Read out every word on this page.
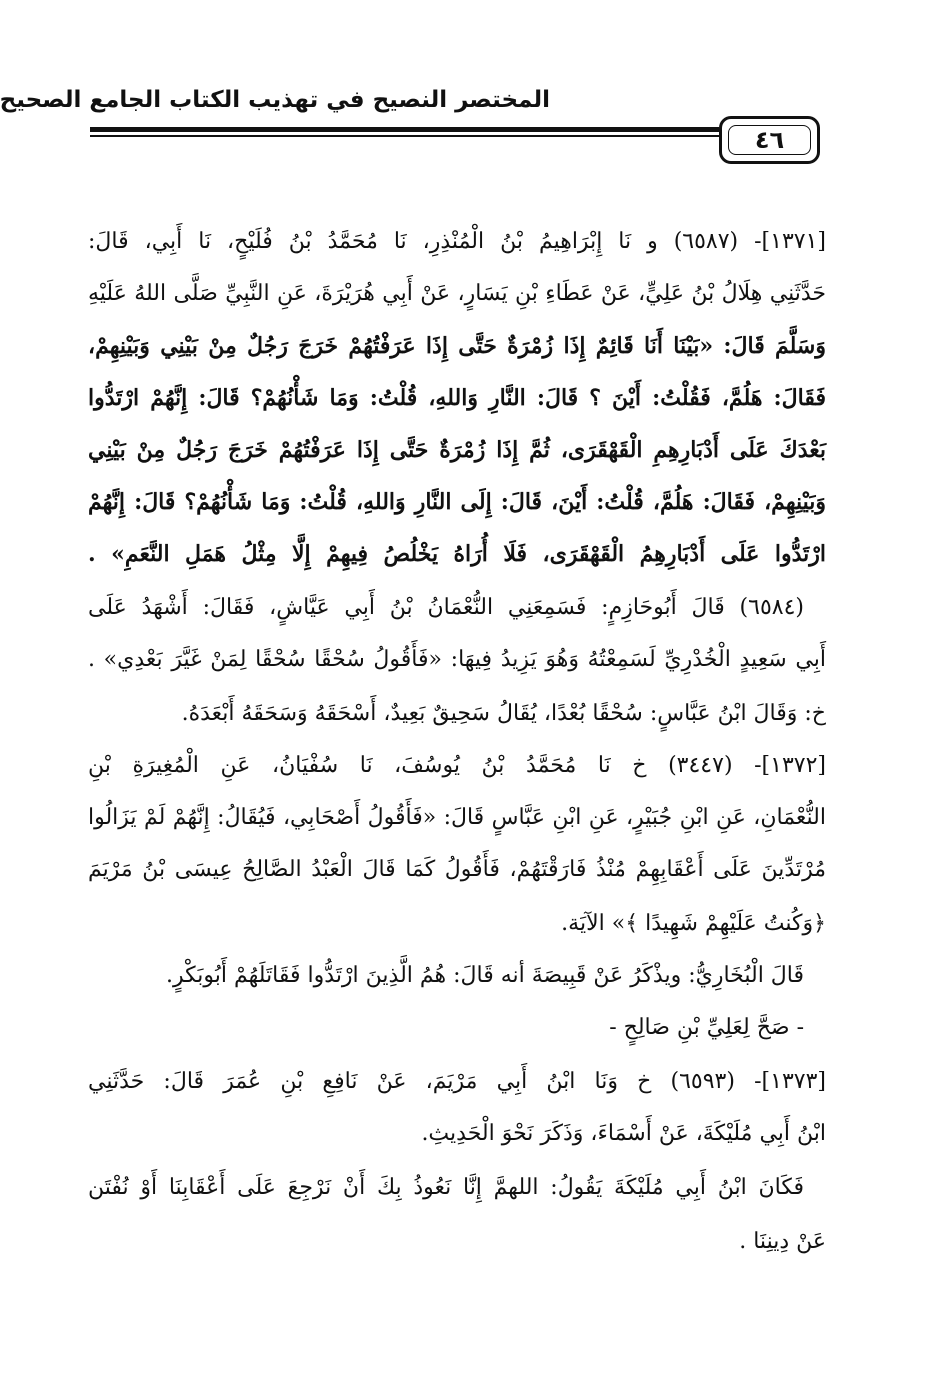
المختصر النصيح في تهذيب الكتاب الجامع الصحيح
٤٦
[١٣٧١]- (٦٥٨٧) و نَا إِبْرَاهِيمُ بْنُ الْمُنْذِرِ، نَا مُحَمَّدُ بْنُ فُلَيْحٍ، نَا أَبِي، قَالَ:
حَدَّثَنِي هِلَالُ بْنُ عَلِيٍّ، عَنْ عَطَاءِ بْنِ يَسَارٍ، عَنْ أَبِي هُرَيْرَةَ، عَنِ النَّبِيِّ صَلَّى اللهُ عَلَيْهِ
وَسَلَّمَ قَالَ: «بَيْنَا أَنَا قَائِمٌ إِذَا زُمْرَةٌ حَتَّى إِذَا عَرَفْتُهُمْ خَرَجَ رَجُلٌ مِنْ بَيْنِي وَبَيْنِهِمْ،
فَقَالَ: هَلُمَّ، فَقُلْتُ: أَيْنَ ؟ قَالَ: النَّارِ وَاللهِ، قُلْتُ: وَمَا شَأْنُهُمْ؟ قَالَ: إِنَّهُمْ ارْتَدُّوا
بَعْدَكَ عَلَى أَدْبَارِهِمِ الْقَهْقَرَى، ثُمَّ إِذَا زُمْرَةٌ حَتَّى إِذَا عَرَفْتُهُمْ خَرَجَ رَجُلٌ مِنْ بَيْنِي
وَبَيْنِهِمْ، فَقَالَ: هَلُمَّ، قُلْتُ: أَيْنَ، قَالَ: إِلَى النَّارِ وَاللهِ، قُلْتُ: وَمَا شَأْنُهُمْ؟ قَالَ: إِنَّهُمْ
ارْتَدُّوا عَلَى أَدْبَارِهِمُ الْقَهْقَرَى، فَلَا أُرَاهُ يَخْلُصُ فِيهِمْ إِلَّا مِثْلُ هَمَلِ النَّعَمِ» .
(٦٥٨٤) قَالَ أَبُوحَازِمٍ: فَسَمِعَنِي النُّعْمَانُ بْنُ أَبِي عَيَّاشٍ، فَقَالَ: أَشْهَدُ عَلَى
أَبِي سَعِيدٍ الْخُدْرِيِّ لَسَمِعْتُهُ وَهُوَ يَزِيدُ فِيهَا: «فَأَقُولُ سُحْقًا سُحْقًا لِمَنْ غَيَّرَ بَعْدِي» .
خ: وَقَالَ ابْنُ عَبَّاسٍ: سُحْقًا بُعْدًا، يُقَالُ سَحِيقٌ بَعِيدٌ، أَسْحَقَهُ وَسَحَقَهُ أَبْعَدَهُ.
[١٣٧٢]- (٣٤٤٧) خ نَا مُحَمَّدُ بْنُ يُوسُفَ، نَا سُفْيَانُ، عَنِ الْمُغِيرَةِ بْنِ
النُّعْمَانِ، عَنِ ابْنِ جُبَيْرٍ، عَنِ ابْنِ عَبَّاسٍ قَالَ: «فَأَقُولُ أَصْحَابِي، فَيُقَالُ: إِنَّهُمْ لَمْ يَزَالُوا
مُرْتَدِّينَ عَلَى أَعْقَابِهِمْ مُنْذُ فَارَقْتَهُمْ، فَأَقُولُ كَمَا قَالَ الْعَبْدُ الصَّالِحُ عِيسَى بْنُ مَرْيَمَ
﴿وَكُنتُ عَلَيْهِمْ شَهِيدًا ﴾» الآيَة.
قَالَ الْبُخَارِيُّ: ويذْكَرُ عَنْ قَبِيصَةَ أنه قَالَ: هُمُ الَّذِينَ ارْتَدُّوا فَقَاتَلَهُمْ أَبُوبَكْرٍ.
- صَحَّ لِعَلِيِّ بْنِ صَالِحٍ -
[١٣٧٣]- (٦٥٩٣) خ وَنَا ابْنُ أَبِي مَرْيَمَ، عَنْ نَافِعِ بْنِ عُمَرَ قَالَ: حَدَّثَنِي
ابْنُ أَبِي مُلَيْكَةَ، عَنْ أَسْمَاءَ، وَذَكَرَ نَحْوَ الْحَدِيثِ.
فَكَانَ ابْنُ أَبِي مُلَيْكَةَ يَقُولُ: اللهمَّ إِنَّا نَعُوذُ بِكَ أَنْ نَرْجِعَ عَلَى أَعْقَابِنَا أَوْ نُفْتَن
عَنْ دِينِنَا .
